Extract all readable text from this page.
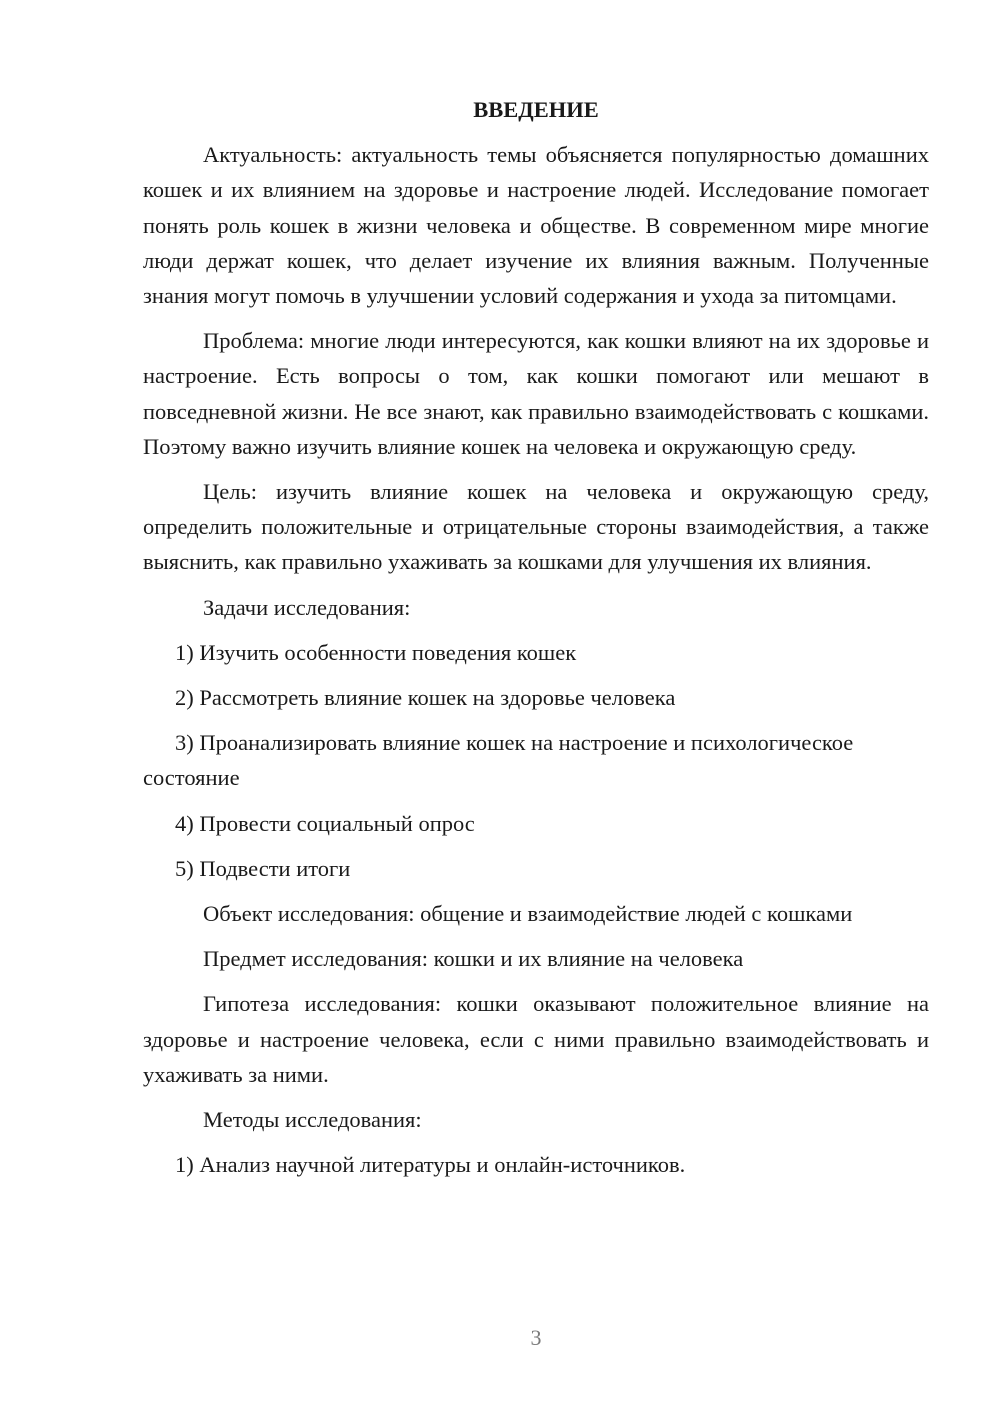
ВВЕДЕНИЕ

Актуальность: актуальность темы объясняется популярностью домашних кошек и их влиянием на здоровье и настроение людей. Исследование помогает понять роль кошек в жизни человека и обществе. В современном мире многие люди держат кошек, что делает изучение их влияния важным. Полученные знания могут помочь в улучшении условий содержания и ухода за питомцами.

Проблема: многие люди интересуются, как кошки влияют на их здоровье и настроение. Есть вопросы о том, как кошки помогают или мешают в повседневной жизни. Не все знают, как правильно взаимодействовать с кошками. Поэтому важно изучить влияние кошек на человека и окружающую среду.

Цель: изучить влияние кошек на человека и окружающую среду, определить положительные и отрицательные стороны взаимодействия, а также выяснить, как правильно ухаживать за кошками для улучшения их влияния.

Задачи исследования:

1) Изучить особенности поведения кошек

2) Рассмотреть влияние кошек на здоровье человека

3) Проанализировать влияние кошек на настроение и психологическое состояние

4) Провести социальный опрос

5) Подвести итоги

Объект исследования: общение и взаимодействие людей с кошками

Предмет исследования: кошки и их влияние на человека

Гипотеза исследования: кошки оказывают положительное влияние на здоровье и настроение человека, если с ними правильно взаимодействовать и ухаживать за ними.

Методы исследования:

1) Анализ научной литературы и онлайн-источников.

3
